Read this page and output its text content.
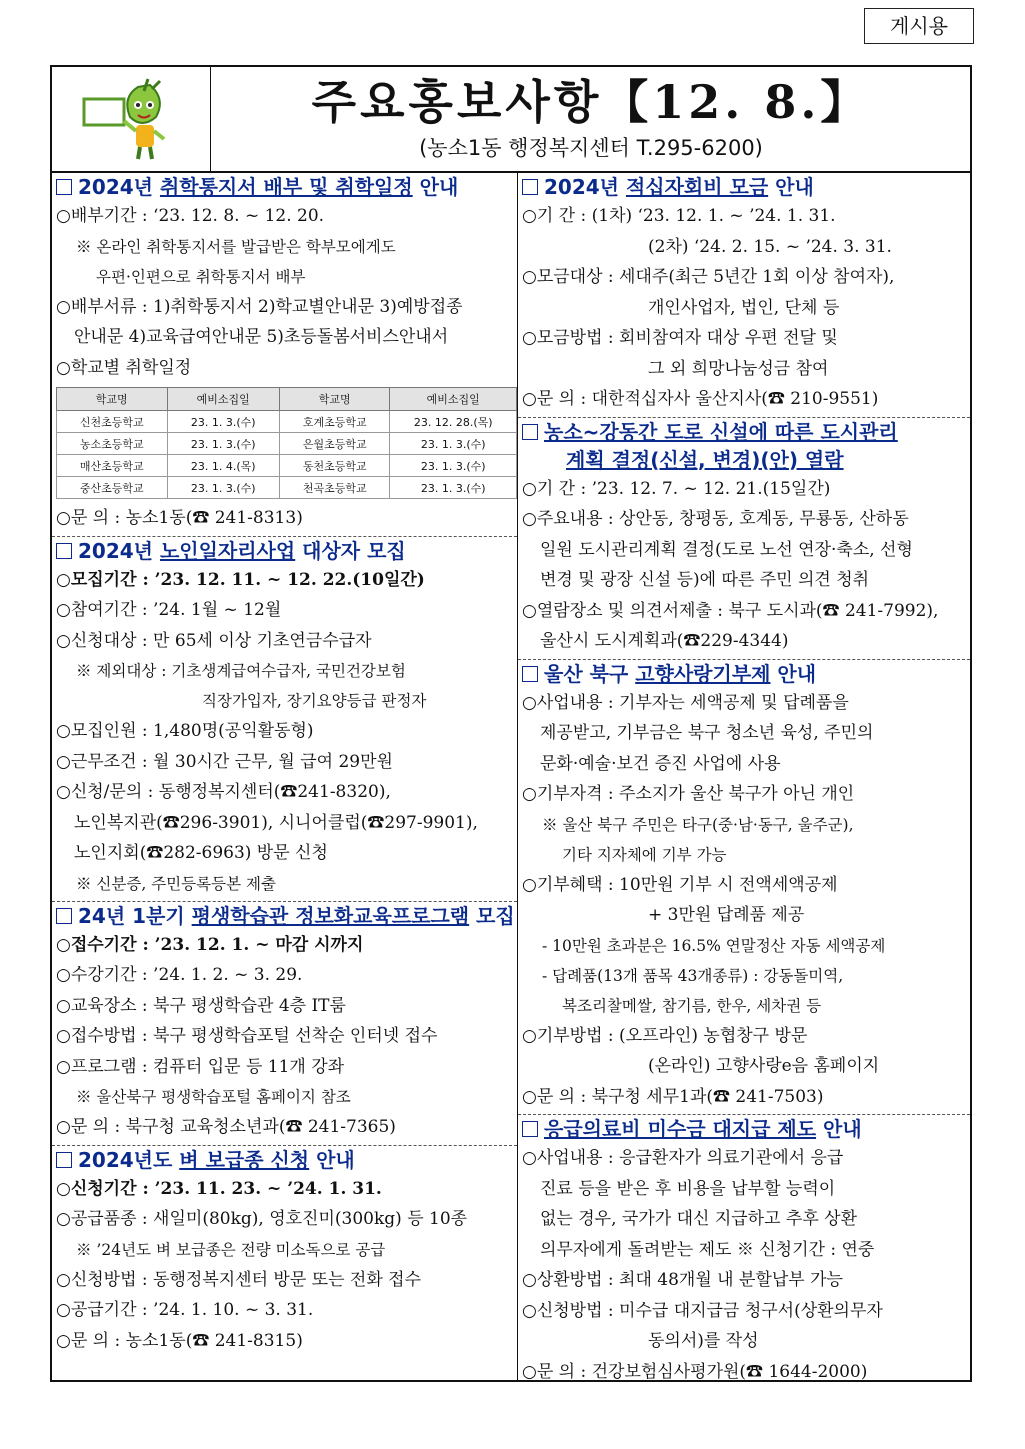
게시용
주요홍보사항【12. 8.】
(농소1동 행정복지센터 T.295-6200)
2024년 취학통지서 배부 및 취학일정 안내
○배부기간 : ‘23. 12. 8. ~ 12. 20.
※ 온라인 취학통지서를 발급받은 학부모에게도
우편·인편으로 취학통지서 배부
○배부서류 : 1)취학통지서 2)학교별안내문 3)예방접종
안내문 4)교육급여안내문 5)초등돌봄서비스안내서
○학교별 취학일정
학교명	예비소집일	학교명	예비소집일
신천초등학교	23. 1. 3.(수)	호계초등학교	23. 12. 28.(목)
농소초등학교	23. 1. 3.(수)	은월초등학교	23. 1. 3.(수)
매산초등학교	23. 1. 4.(목)	동천초등학교	23. 1. 3.(수)
중산초등학교	23. 1. 3.(수)	천곡초등학교	23. 1. 3.(수)
○문 의 : 농소1동(☎ 241-8313)
2024년 노인일자리사업 대상자 모집
○모집기간 : ’23. 12. 11. ~ 12. 22.(10일간)
○참여기간 : ’24. 1월 ~ 12월
○신청대상 : 만 65세 이상 기초연금수급자
※ 제외대상 : 기초생계급여수급자, 국민건강보험
직장가입자, 장기요양등급 판정자
○모집인원 : 1,480명(공익활동형)
○근무조건 : 월 30시간 근무, 월 급여 29만원
○신청/문의 : 동행정복지센터(☎241-8320),
노인복지관(☎296-3901), 시니어클럽(☎297-9901),
노인지회(☎282-6963) 방문 신청
※ 신분증, 주민등록등본 제출
24년 1분기 평생학습관 정보화교육프로그램 모집
○접수기간 : ’23. 12. 1. ~ 마감 시까지
○수강기간 : ’24. 1. 2. ~ 3. 29.
○교육장소 : 북구 평생학습관 4층 IT룸
○접수방법 : 북구 평생학습포털 선착순 인터넷 접수
○프로그램 : 컴퓨터 입문 등 11개 강좌
※ 울산북구 평생학습포털 홈페이지 참조
○문 의 : 북구청 교육청소년과(☎ 241-7365)
2024년도 벼 보급종 신청 안내
○신청기간 : ’23. 11. 23. ~ ’24. 1. 31.
○공급품종 : 새일미(80kg), 영호진미(300kg) 등 10종
※ ’24년도 벼 보급종은 전량 미소독으로 공급
○신청방법 : 동행정복지센터 방문 또는 전화 접수
○공급기간 : ’24. 1. 10. ~ 3. 31.
○문 의 : 농소1동(☎ 241-8315)
2024년 적십자회비 모금 안내
○기 간 : (1차) ‘23. 12. 1. ~ ’24. 1. 31.
(2차) ‘24. 2. 15. ~ ’24. 3. 31.
○모금대상 : 세대주(최근 5년간 1회 이상 참여자),
개인사업자, 법인, 단체 등
○모금방법 : 회비참여자 대상 우편 전달 및
그 외 희망나눔성금 참여
○문 의 : 대한적십자사 울산지사(☎ 210-9551)
농소~강동간 도로 신설에 따른 도시관리
계획 결정(신설, 변경)(안) 열람
○기 간 : ’23. 12. 7. ~ 12. 21.(15일간)
○주요내용 : 상안동, 창평동, 호계동, 무룡동, 산하동
일원 도시관리계획 결정(도로 노선 연장·축소, 선형
변경 및 광장 신설 등)에 따른 주민 의견 청취
○열람장소 및 의견서제출 : 북구 도시과(☎ 241-7992),
울산시 도시계획과(☎229-4344)
울산 북구 고향사랑기부제 안내
○사업내용 : 기부자는 세액공제 및 답례품을
제공받고, 기부금은 북구 청소년 육성, 주민의
문화·예술·보건 증진 사업에 사용
○기부자격 : 주소지가 울산 북구가 아닌 개인
※ 울산 북구 주민은 타구(중·남·동구, 울주군),
기타 지자체에 기부 가능
○기부혜택 : 10만원 기부 시 전액세액공제
+ 3만원 답례품 제공
- 10만원 초과분은 16.5% 연말정산 자동 세액공제
- 답례품(13개 품목 43개종류) : 강동돌미역,
복조리찰메쌀, 참기름, 한우, 세차권 등
○기부방법 : (오프라인) 농협창구 방문
(온라인) 고향사랑e음 홈페이지
○문 의 : 북구청 세무1과(☎ 241-7503)
응급의료비 미수금 대지급 제도 안내
○사업내용 : 응급환자가 의료기관에서 응급
진료 등을 받은 후 비용을 납부할 능력이
없는 경우, 국가가 대신 지급하고 추후 상환
의무자에게 돌려받는 제도 ※ 신청기간 : 연중
○상환방법 : 최대 48개월 내 분할납부 가능
○신청방법 : 미수급 대지급금 청구서(상환의무자
동의서)를 작성
○문 의 : 건강보험심사평가원(☎ 1644-2000)
